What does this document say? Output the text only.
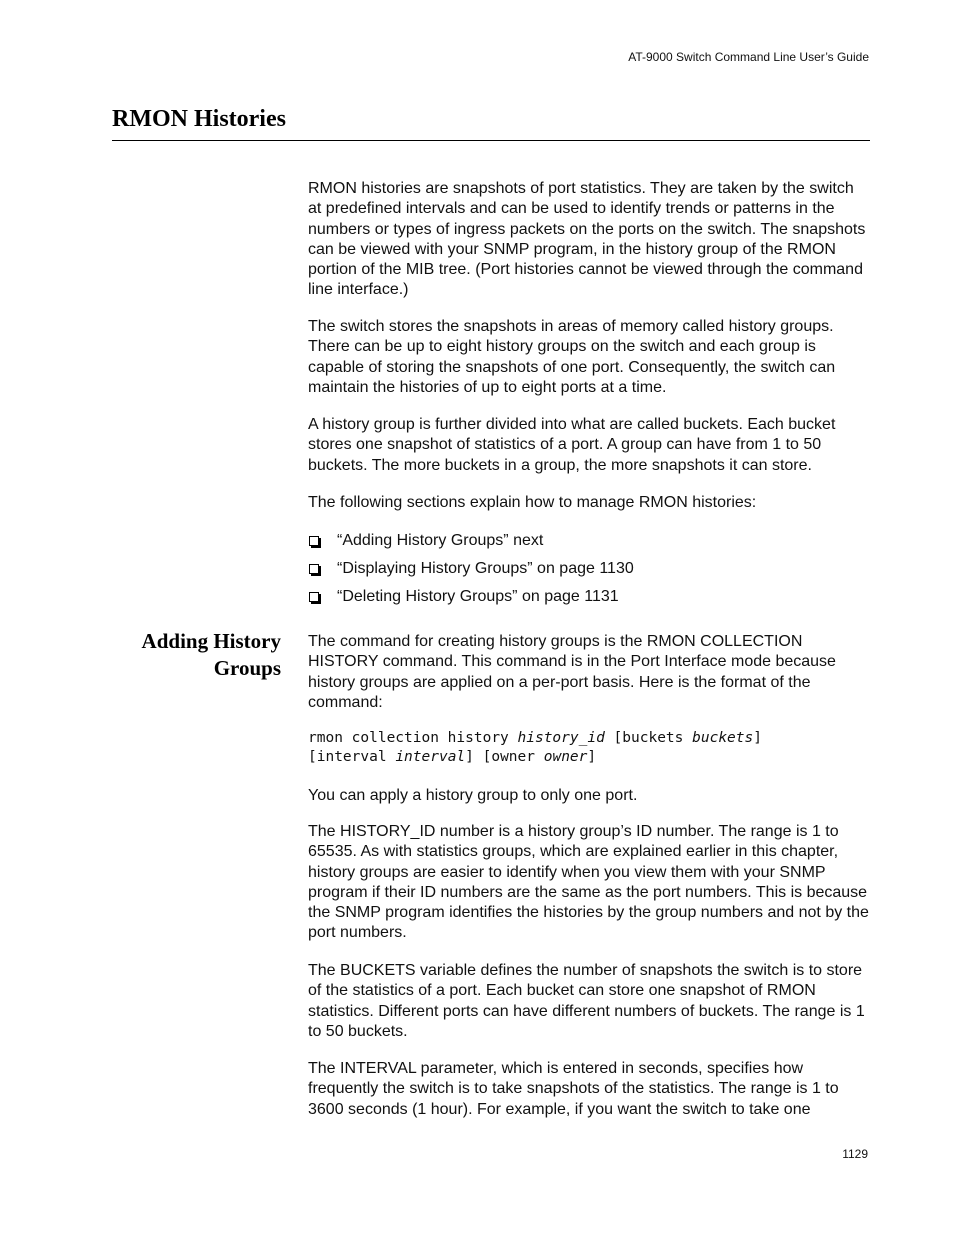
AT-9000 Switch Command Line User’s Guide
RMON Histories

RMON histories are snapshots of port statistics. They are taken by the switch at predefined intervals and can be used to identify trends or patterns in the numbers or types of ingress packets on the ports on the switch. The snapshots can be viewed with your SNMP program, in the history group of the RMON portion of the MIB tree. (Port histories cannot be viewed through the command line interface.)

The switch stores the snapshots in areas of memory called history groups. There can be up to eight history groups on the switch and each group is capable of storing the snapshots of one port. Consequently, the switch can maintain the histories of up to eight ports at a time.

A history group is further divided into what are called buckets. Each bucket stores one snapshot of statistics of a port. A group can have from 1 to 50 buckets. The more buckets in a group, the more snapshots it can store.

The following sections explain how to manage RMON histories:

“Adding History Groups” next
“Displaying History Groups” on page 1130
“Deleting History Groups” on page 1131
Adding History
Groups

The command for creating history groups is the RMON COLLECTION HISTORY command. This command is in the Port Interface mode because history groups are applied on a per-port basis. Here is the format of the command:

rmon collection history history_id [buckets buckets]
[interval interval] [owner owner]

You can apply a history group to only one port.

The HISTORY_ID number is a history group’s ID number. The range is 1 to 65535. As with statistics groups, which are explained earlier in this chapter, history groups are easier to identify when you view them with your SNMP program if their ID numbers are the same as the port numbers. This is because the SNMP program identifies the histories by the group numbers and not by the port numbers.

The BUCKETS variable defines the number of snapshots the switch is to store of the statistics of a port. Each bucket can store one snapshot of RMON statistics. Different ports can have different numbers of buckets. The range is 1 to 50 buckets.

The INTERVAL parameter, which is entered in seconds, specifies how frequently the switch is to take snapshots of the statistics. The range is 1 to 3600 seconds (1 hour). For example, if you want the switch to take one

1129
